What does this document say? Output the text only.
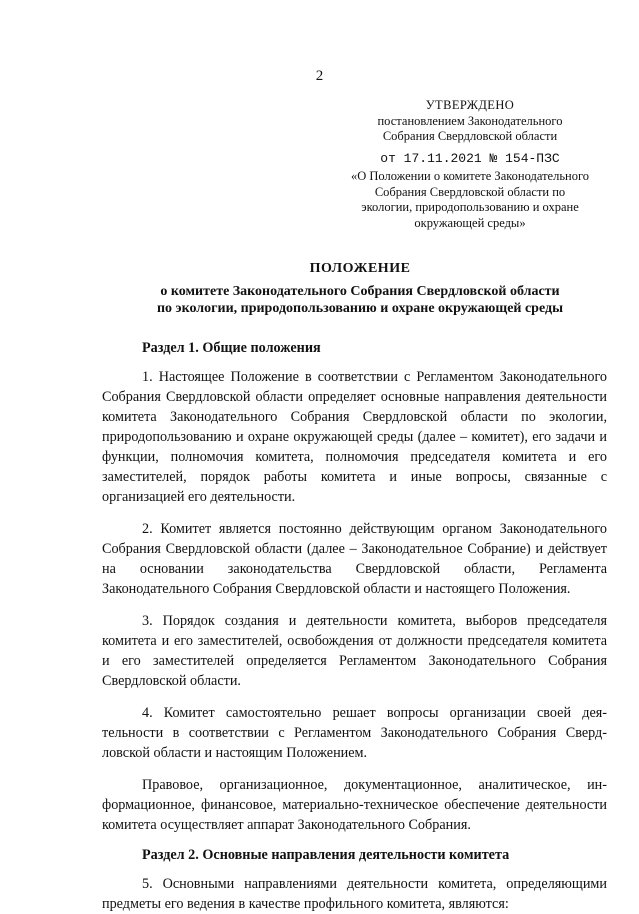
2
УТВЕРЖДЕНО
постановлением Законодательного
Собрания Свердловской области
от 17.11.2021 № 154-ПЗС
«О Положении о комитете Законодательного
Собрания Свердловской области по
экологии, природопользованию и охране
окружающей среды»
ПОЛОЖЕНИЕ
о комитете Законодательного Собрания Свердловской области
по экологии, природопользованию и охране окружающей среды
Раздел 1. Общие положения

1. Настоящее Положение в соответствии с Регламентом Законодательного Собрания Свердловской области определяет основные направления деятельности комитета Законодательного Собрания Свердловской области по экологии, природопользованию и охране окружающей среды (далее – комитет), его задачи и функции, полномочия комитета, полномочия председателя комитета и его заместителей, порядок работы комитета и иные вопросы, связанные с организацией его деятельности.

2. Комитет является постоянно действующим органом Законодательного Собрания Свердловской области (далее – Законодательное Собрание) и действует на основании законодательства Свердловской области, Регламента Законодательного Собрания Свердловской области и настоящего Положения.

3. Порядок создания и деятельности комитета, выборов председателя комитета и его заместителей, освобождения от должности председателя комитета и его заместителей определяется Регламентом Законодательного Собрания Свердловской области.

4. Комитет самостоятельно решает вопросы организации своей деятельности в соответствии с Регламентом Законодательного Собрания Свердловской области и настоящим Положением.

Правовое, организационное, документационное, аналитическое, информационное, финансовое, материально-техническое обеспечение деятельности комитета осуществляет аппарат Законодательного Собрания.

Раздел 2. Основные направления деятельности комитета

5. Основными направлениями деятельности комитета, определяющими предметы его ведения в качестве профильного комитета, являются:
